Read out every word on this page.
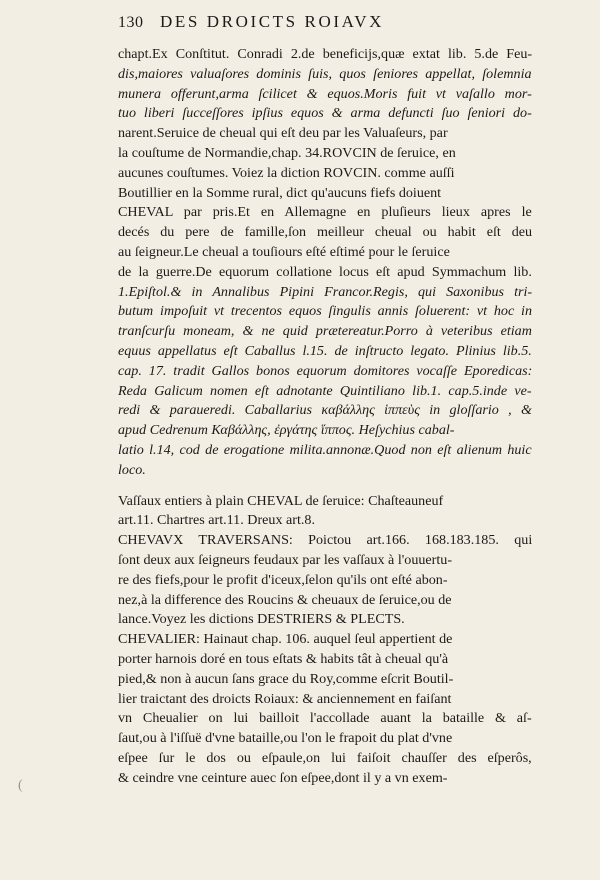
130 DES DROICTS ROIAVX
chapt.Ex Conſtitut. Conradi 2.de beneficijs,quæ extat lib. 5.de Feu-
dis,maiores valuaſores dominis ſuis, quos ſeniores appellat, ſolemnia
munera offerunt,arma ſcilicet & equos.Moris fuit vt vaſallo mor-
tuo liberi ſucceſſores ipſius equos & arma defuncti ſuo ſeniori do-
narent.Seruice de cheual qui eſt deu par les Valuaſeurs, par
la couſtume de Normandie,chap. 34.ROVCIN de ſeruice, en
aucunes couſtumes. Voiez la diction ROVCIN. comme auſſi
Boutillier en la Somme rural, dict qu'aucuns fiefs doiuent
CHEVAL par pris.Et en Allemagne en pluſieurs lieux apres le
decés du pere de famille,ſon meilleur cheual ou habit eſt deu
au ſeigneur.Le cheual a touſiours eſté eſtimé pour le ſeruice
de la guerre.De equorum collatione locus eſt apud Symmachum lib.
1.Epiſtol.& in Annalibus Pipini Francor.Regis, qui Saxonibus tri-
butum impoſuit vt trecentos equos ſingulis annis ſoluerent: vt hoc in
tranſcurſu moneam, & ne quid prætereatur.Porro à veteribus etiam
equus appellatus eſt Caballus l.15. de inſtructo legato. Plinius lib.5.
cap. 17. tradit Gallos bonos equorum domitores vocaſſe Eporedicas:
Reda Galicum nomen eſt adnotante Quintiliano lib.1. cap.5.inde ve-
redi & paraueredi. Caballarius καβάλλης ἱππεὺς in gloſſario , &
apud Cedrenum Καβάλλης, ἐργάτης ἵππος. Heſychius cabal-
latio l.14, cod de erogatione milita.annonæ.Quod non eſt alienum huic
loco.
Vaſſaux entiers à plain CHEVAL de ſeruice: Chaſteauneuf
art.11. Chartres art.11. Dreux art.8.
CHEVAVX TRAVERSANS: Poictou art.166. 168.183.185. qui
ſont deux aux ſeigneurs feudaux par les vaſſaux à l'ouuertu-
re des fiefs,pour le profit d'iceux,ſelon qu'ils ont eſté abon-
nez,à la difference des Roucins & cheuaux de ſeruice,ou de
lance.Voyez les dictions DESTRIERS & PLECTS.
CHEVALIER: Hainaut chap. 106. auquel ſeul appertient de
porter harnois doré en tous eſtats & habits tât à cheual qu'à
pied,& non à aucun ſans grace du Roy,comme eſcrit Boutil-
lier traictant des droicts Roiaux: & anciennement en faiſant
vn Cheualier on lui bailloit l'accollade auant la bataille & aſ-
ſaut,ou à l'iſſuë d'vne bataille,ou l'on le frapoit du plat d'vne
eſpee ſur le dos ou eſpaule,on lui faiſoit chauſſer des eſperôs,
& ceindre vne ceinture auec ſon eſpee,dont il y a vn exem-
(
